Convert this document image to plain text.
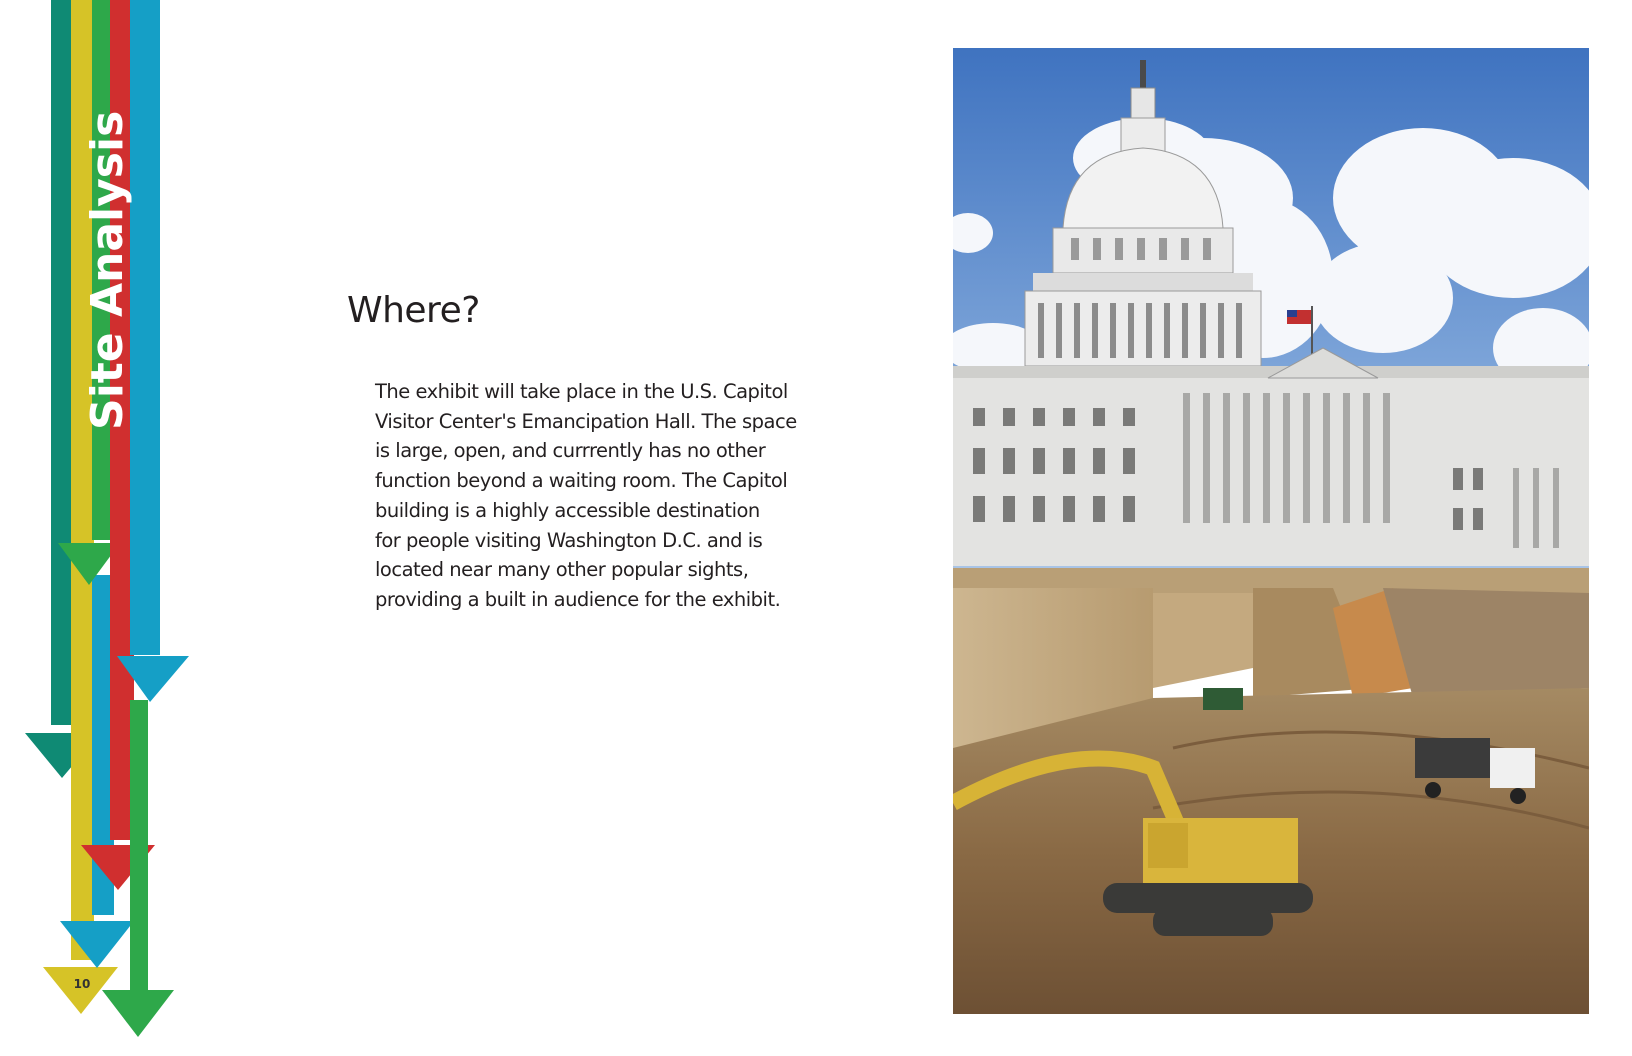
Site Analysis
10
Where?

The exhibit will take place in the U.S. Capitol
Visitor Center's Emancipation Hall. The space
is large, open, and currrently has no other
function beyond a waiting room. The Capitol
building is a highly accessible destination
for people visiting Washington D.C. and is
located near many other popular sights,
providing a built in audience for the exhibit.
